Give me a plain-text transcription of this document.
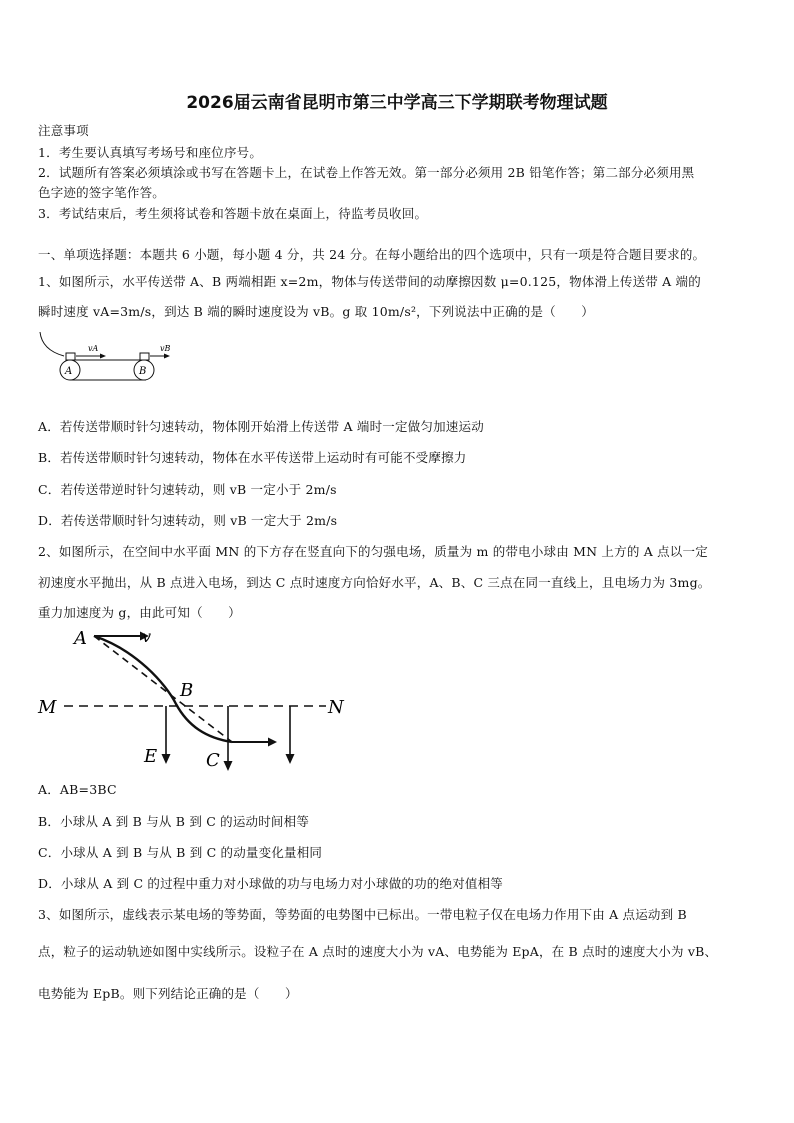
2026届云南省昆明市第三中学高三下学期联考物理试题
注意事项
1．考生要认真填写考场号和座位序号。
2．试题所有答案必须填涂或书写在答题卡上，在试卷上作答无效。第一部分必须用 2B 铅笔作答；第二部分必须用黑
色字迹的签字笔作答。
3．考试结束后，考生须将试卷和答题卡放在桌面上，待监考员收回。
一、单项选择题：本题共 6 小题，每小题 4 分，共 24 分。在每小题给出的四个选项中，只有一项是符合题目要求的。
1、如图所示，水平传送带 A、B 两端相距 x=2m，物体与传送带间的动摩擦因数 μ=0.125，物体滑上传送带 A 端的
瞬时速度 vA=3m/s，到达 B 端的瞬时速度设为 vB。g 取 10m/s²，下列说法中正确的是（　　）
A	B
vA	vB
A．若传送带顺时针匀速转动，物体刚开始滑上传送带 A 端时一定做匀加速运动
B．若传送带顺时针匀速转动，物体在水平传送带上运动时有可能不受摩擦力
C．若传送带逆时针匀速转动，则 vB 一定小于 2m/s
D．若传送带顺时针匀速转动，则 vB 一定大于 2m/s
2、如图所示，在空间中水平面 MN 的下方存在竖直向下的匀强电场，质量为 m 的带电小球由 MN 上方的 A 点以一定
初速度水平抛出，从 B 点进入电场，到达 C 点时速度方向恰好水平，A、B、C 三点在同一直线上，且电场力为 3mg。
重力加速度为 g，由此可知（　　）
A	v
B
M	N
E	C
A．AB=3BC
B．小球从 A 到 B 与从 B 到 C 的运动时间相等
C．小球从 A 到 B 与从 B 到 C 的动量变化量相同
D．小球从 A 到 C 的过程中重力对小球做的功与电场力对小球做的功的绝对值相等
3、如图所示，虚线表示某电场的等势面，等势面的电势图中已标出。一带电粒子仅在电场力作用下由 A 点运动到 B
点，粒子的运动轨迹如图中实线所示。设粒子在 A 点时的速度大小为 vA、电势能为 EpA，在 B 点时的速度大小为 vB、
电势能为 EpB。则下列结论正确的是（　　）
